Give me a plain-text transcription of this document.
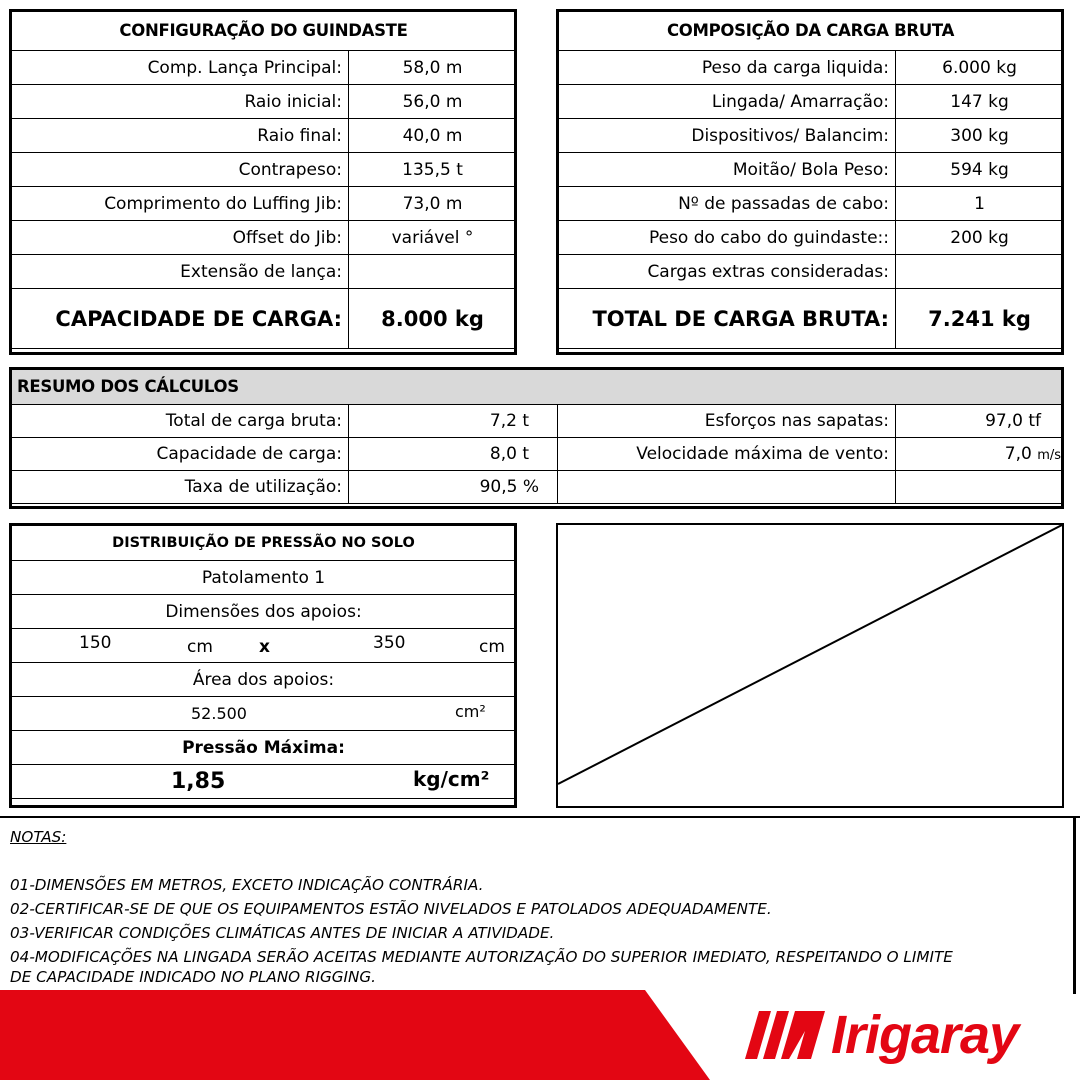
CONFIGURAÇÃO DO GUINDASTE	
Comp. Lança Principal:	58,0 m
Raio inicial:	56,0 m
Raio final:	40,0 m
Contrapeso:	135,5 t
Comprimento do Luffing Jib:	73,0 m
Offset do Jib:	variável °
Extensão de lança:	
CAPACIDADE DE CARGA:	8.000 kg
COMPOSIÇÃO DA CARGA BRUTA	
Peso da carga liquida:	6.000 kg
Lingada/ Amarração:	147 kg
Dispositivos/ Balancim:	300 kg
Moitão/ Bola Peso:	594 kg
Nº de passadas de cabo:	1
Peso do cabo do guindaste::	200 kg
Cargas extras consideradas:	
TOTAL DE CARGA BRUTA:	7.241 kg
RESUMO DOS CÁLCULOS			
Total de carga bruta:	7,2 t	Esforços nas sapatas:	97,0 tf
Capacidade de carga:	8,0 t	Velocidade máxima de vento:	7,0 m/s
Taxa de utilização:	90,5 %		
DISTRIBUIÇÃO DE PRESSÃO NO SOLO
Patolamento 1
Dimensões dos apoios:

150	cm	x	350	cm

Área dos apoios:

52.500	cm²

Pressão Máxima:

1,85	kg/cm²
NOTAS:
01-DIMENSÕES EM METROS, EXCETO INDICAÇÃO CONTRÁRIA.
02-CERTIFICAR-SE DE QUE OS EQUIPAMENTOS ESTÃO NIVELADOS E PATOLADOS ADEQUADAMENTE.
03-VERIFICAR CONDIÇÕES CLIMÁTICAS ANTES DE INICIAR A ATIVIDADE.
04-MODIFICAÇÕES NA LINGADA SERÃO ACEITAS MEDIANTE AUTORIZAÇÃO DO SUPERIOR IMEDIATO, RESPEITANDO O LIMITE
DE CAPACIDADE INDICADO NO PLANO RIGGING.
Irigaray
